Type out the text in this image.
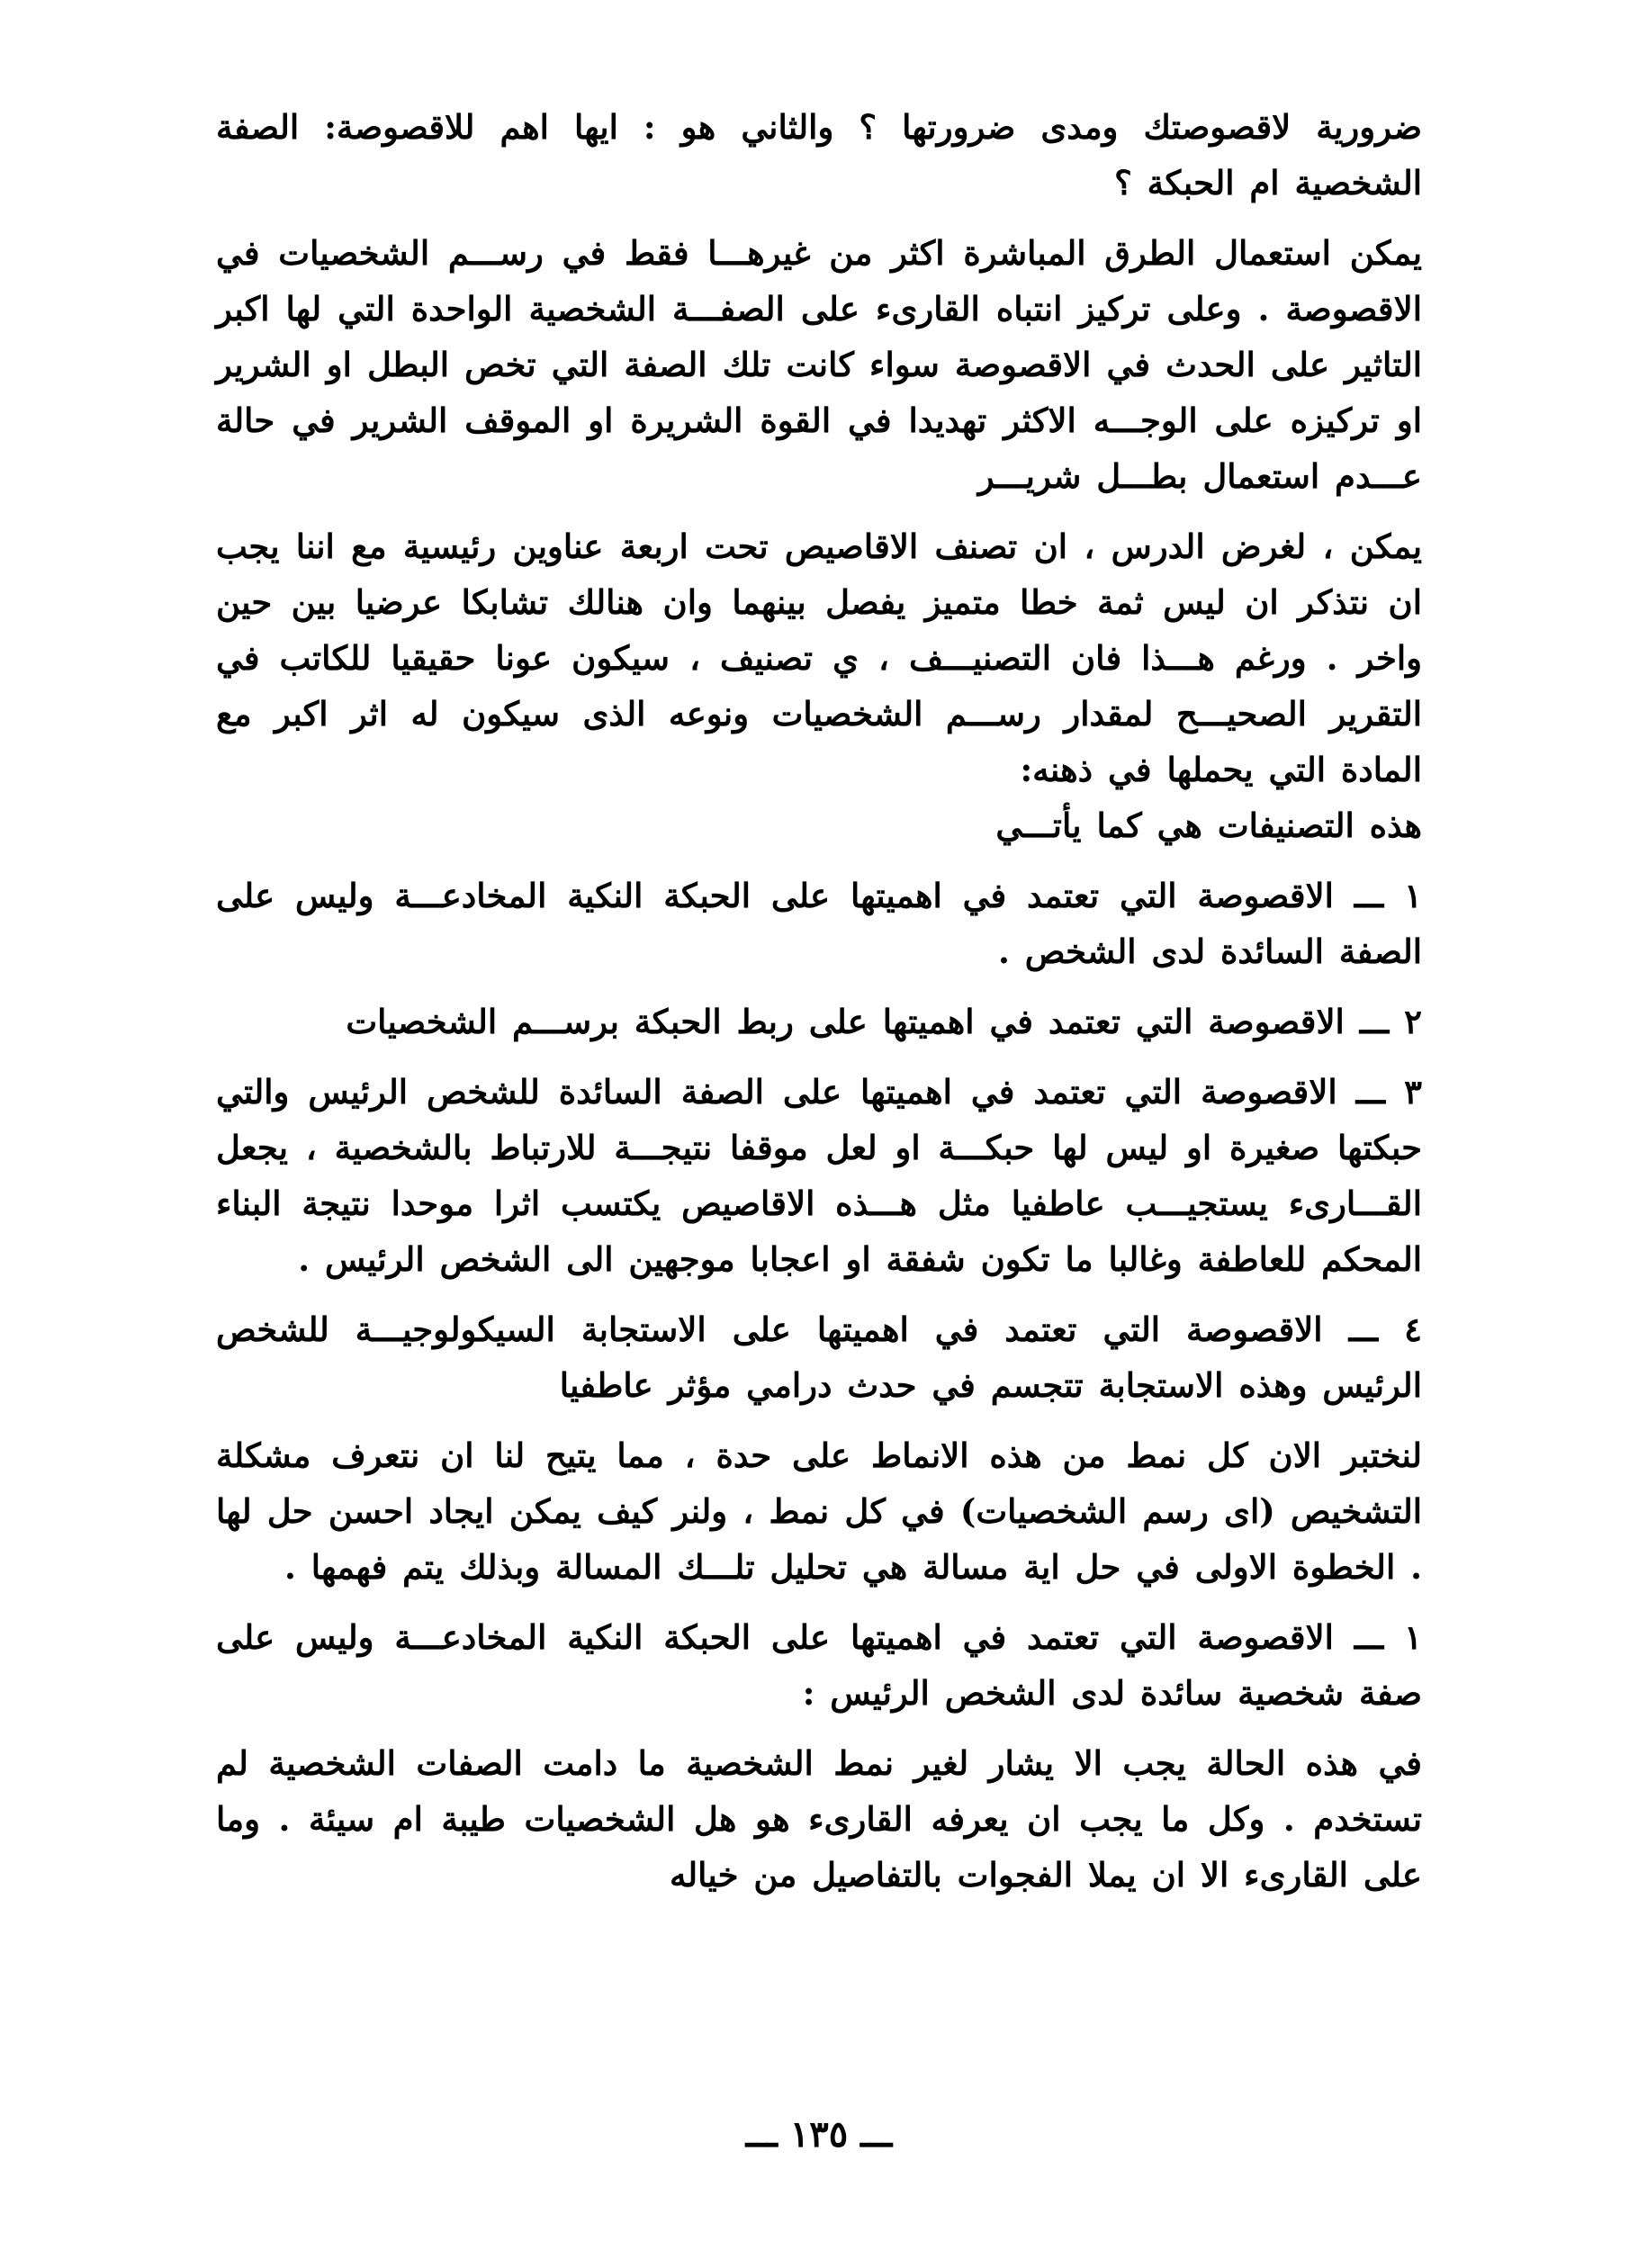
ضرورية لاقصوصتك ومدى ضرورتها ؟ والثاني هو : ايها اهم للاقصوصة: الصفة الشخصية ام الحبكة ؟

يمكن استعمال الطرق المباشرة اكثر من غيرهـــا فقط في رســـم الشخصيات في الاقصوصة . وعلى تركيز انتباه القارىء على الصفـــة الشخصية الواحدة التي لها اكبر التاثير على الحدث في الاقصوصة سواء كانت تلك الصفة التي تخص البطل او الشرير او تركيزه على الوجـــه الاكثر تهديدا في القوة الشريرة او الموقف الشرير في حالة عـــدم استعمال بطـــل شريـــر

يمكن ، لغرض الدرس ، ان تصنف الاقاصيص تحت اربعة عناوين رئيسية مع اننا يجب ان نتذكر ان ليس ثمة خطا متميز يفصل بينهما وان هنالك تشابكا عرضيا بين حين واخر . ورغم هـــذا فان التصنيـــف ، ي تصنيف ، سيكون عونا حقيقيا للكاتب في التقرير الصحيـــح لمقدار رســـم الشخصيات ونوعه الذى سيكون له اثر اكبر مع المادة التي يحملها في ذهنه:

هذه التصنيفات هي كما يأتـــي

١ ـــ الاقصوصة التي تعتمد في اهميتها على الحبكة النكية المخادعـــة وليس على الصفة السائدة لدى الشخص .

٢ ـــ الاقصوصة التي تعتمد في اهميتها على ربط الحبكة برســـم الشخصيات

٣ ـــ الاقصوصة التي تعتمد في اهميتها على الصفة السائدة للشخص الرئيس والتي حبكتها صغيرة او ليس لها حبكـــة او لعل موقفا نتيجـــة للارتباط بالشخصية ، يجعل القـــارىء يستجيـــب عاطفيا مثل هـــذه الاقاصيص يكتسب اثرا موحدا نتيجة البناء المحكم للعاطفة وغالبا ما تكون شفقة او اعجابا موجهين الى الشخص الرئيس .

٤ ـــ الاقصوصة التي تعتمد في اهميتها على الاستجابة السيكولوجيـــة للشخص الرئيس وهذه الاستجابة تتجسم في حدث درامي مؤثر عاطفيا

لنختبر الان كل نمط من هذه الانماط على حدة ، مما يتيح لنا ان نتعرف مشكلة التشخيص (اى رسم الشخصيات) في كل نمط ، ولنر كيف يمكن ايجاد احسن حل لها . الخطوة الاولى في حل اية مسالة هي تحليل تلـــك المسالة وبذلك يتم فهمها .

١ ـــ الاقصوصة التي تعتمد في اهميتها على الحبكة النكية المخادعـــة وليس على صفة شخصية سائدة لدى الشخص الرئيس :

في هذه الحالة يجب الا يشار لغير نمط الشخصية ما دامت الصفات الشخصية لم تستخدم . وكل ما يجب ان يعرفه القارىء هو هل الشخصيات طيبة ام سيئة . وما على القارىء الا ان يملا الفجوات بالتفاصيل من خياله

ـــ ١٣٥ ـــ
